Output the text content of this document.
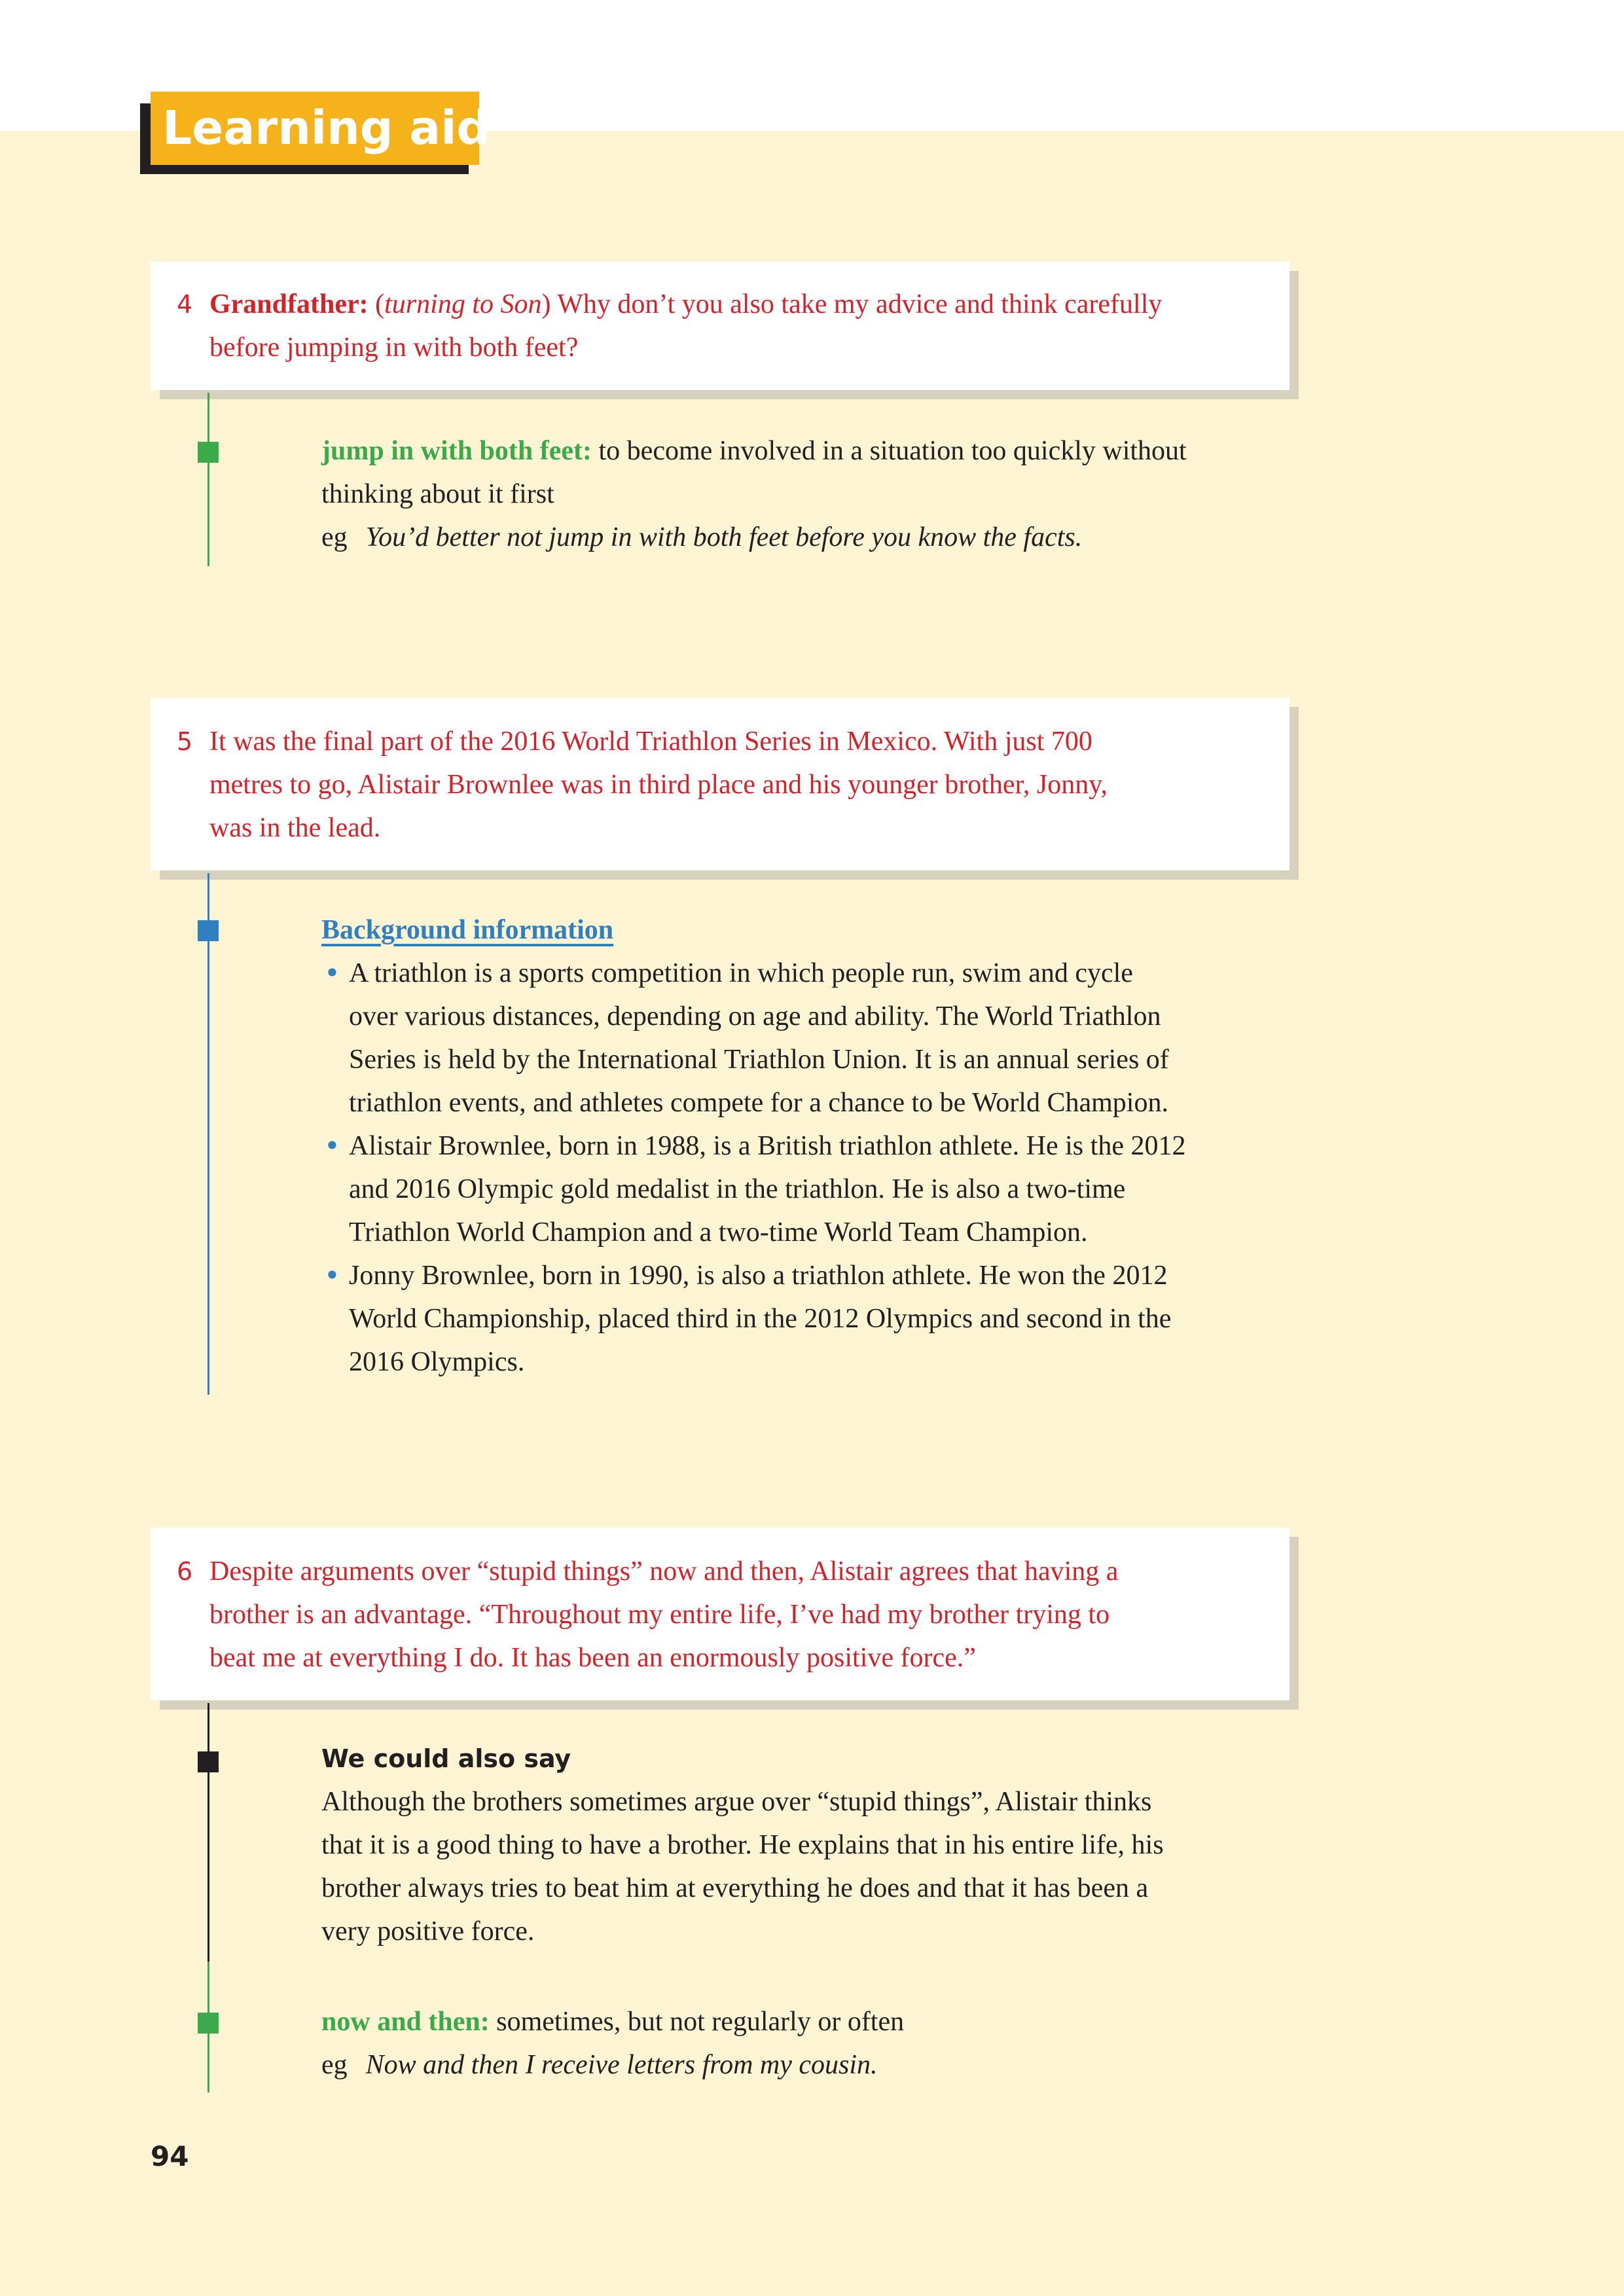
Learning aid
4 Grandfather: (turning to Son) Why don’t you also take my advice and think carefully

before jumping in with both feet?

jump in with both feet: to become involved in a situation too quickly without

thinking about it first

eg You’d better not jump in with both feet before you know the facts.

5 It was the final part of the 2016 World Triathlon Series in Mexico. With just 700

metres to go, Alistair Brownlee was in third place and his younger brother, Jonny,

was in the lead.

Background information

• A triathlon is a sports competition in which people run, swim and cycle
over various distances, depending on age and ability. The World Triathlon
Series is held by the International Triathlon Union. It is an annual series of
triathlon events, and athletes compete for a chance to be World Champion.
• Alistair Brownlee, born in 1988, is a British triathlon athlete. He is the 2012
and 2016 Olympic gold medalist in the triathlon. He is also a two-time
Triathlon World Champion and a two-time World Team Champion.
• Jonny Brownlee, born in 1990, is also a triathlon athlete. He won the 2012
World Championship, placed third in the 2012 Olympics and second in the
2016 Olympics.
6 Despite arguments over “stupid things” now and then, Alistair agrees that having a

brother is an advantage. “Throughout my entire life, I’ve had my brother trying to

beat me at everything I do. It has been an enormously positive force.”

We could also say

Although the brothers sometimes argue over “stupid things”, Alistair thinks

that it is a good thing to have a brother. He explains that in his entire life, his

brother always tries to beat him at everything he does and that it has been a

very positive force.

now and then: sometimes, but not regularly or often

eg Now and then I receive letters from my cousin.

94
